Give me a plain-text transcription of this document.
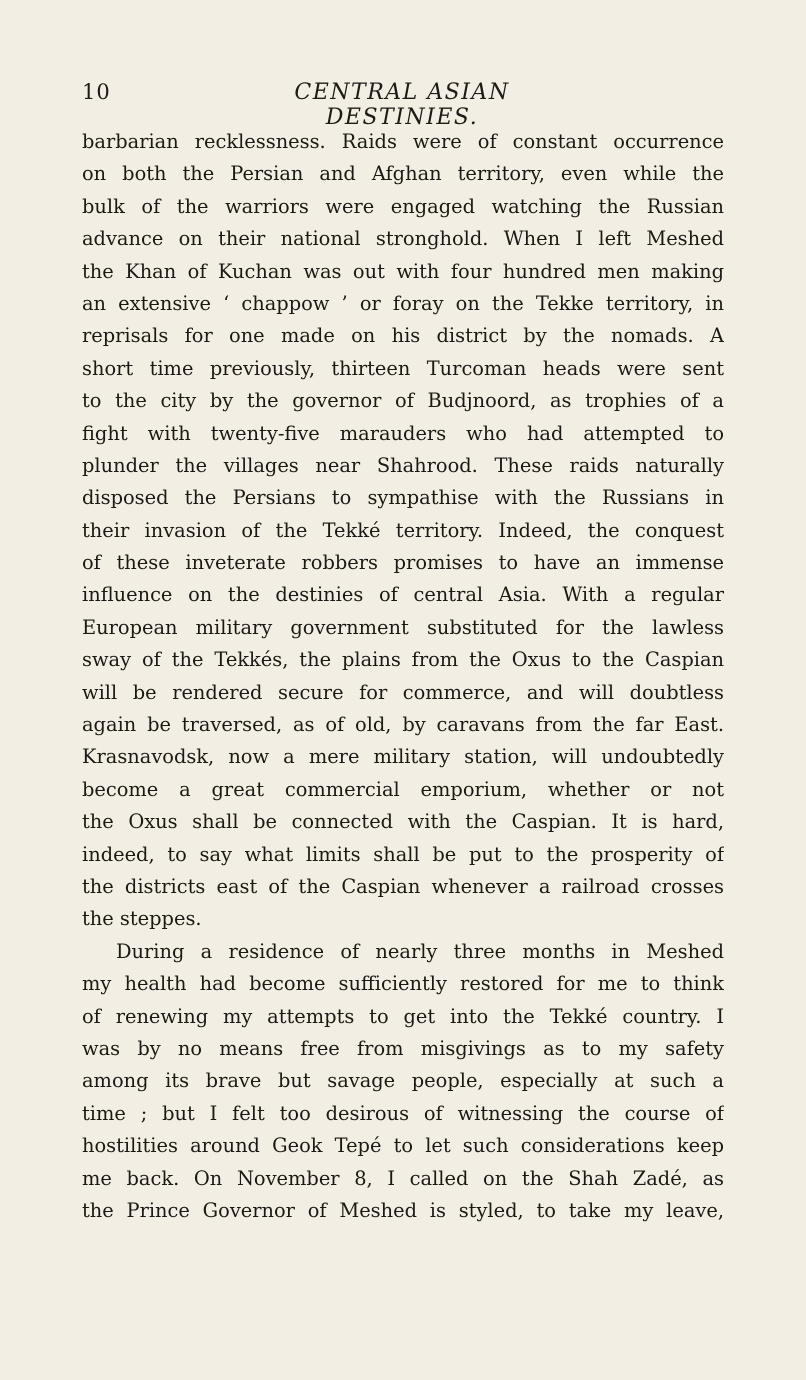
10	CENTRAL ASIAN DESTINIES.
barbarian recklessness. Raids were of constant occurrence
on both the Persian and Afghan territory, even while the
bulk of the warriors were engaged watching the Russian
advance on their national stronghold. When I left Meshed
the Khan of Kuchan was out with four hundred men making
an extensive ‘ chappow ’ or foray on the Tekke territory, in
reprisals for one made on his district by the nomads. A
short time previously, thirteen Turcoman heads were sent
to the city by the governor of Budjnoord, as trophies of a
fight with twenty-five marauders who had attempted to
plunder the villages near Shahrood. These raids naturally
disposed the Persians to sympathise with the Russians in
their invasion of the Tekké territory. Indeed, the conquest
of these inveterate robbers promises to have an immense
influence on the destinies of central Asia. With a regular
European military government substituted for the lawless
sway of the Tekkés, the plains from the Oxus to the Caspian
will be rendered secure for commerce, and will doubtless
again be traversed, as of old, by caravans from the far East.
Krasnavodsk, now a mere military station, will undoubtedly
become a great commercial emporium, whether or not
the Oxus shall be connected with the Caspian. It is hard,
indeed, to say what limits shall be put to the prosperity of
the districts east of the Caspian whenever a railroad crosses
the steppes.
During a residence of nearly three months in Meshed
my health had become sufficiently restored for me to think
of renewing my attempts to get into the Tekké country. I
was by no means free from misgivings as to my safety
among its brave but savage people, especially at such a
time ; but I felt too desirous of witnessing the course of
hostilities around Geok Tepé to let such considerations keep
me back. On November 8, I called on the Shah Zadé, as
the Prince Governor of Meshed is styled, to take my leave,
